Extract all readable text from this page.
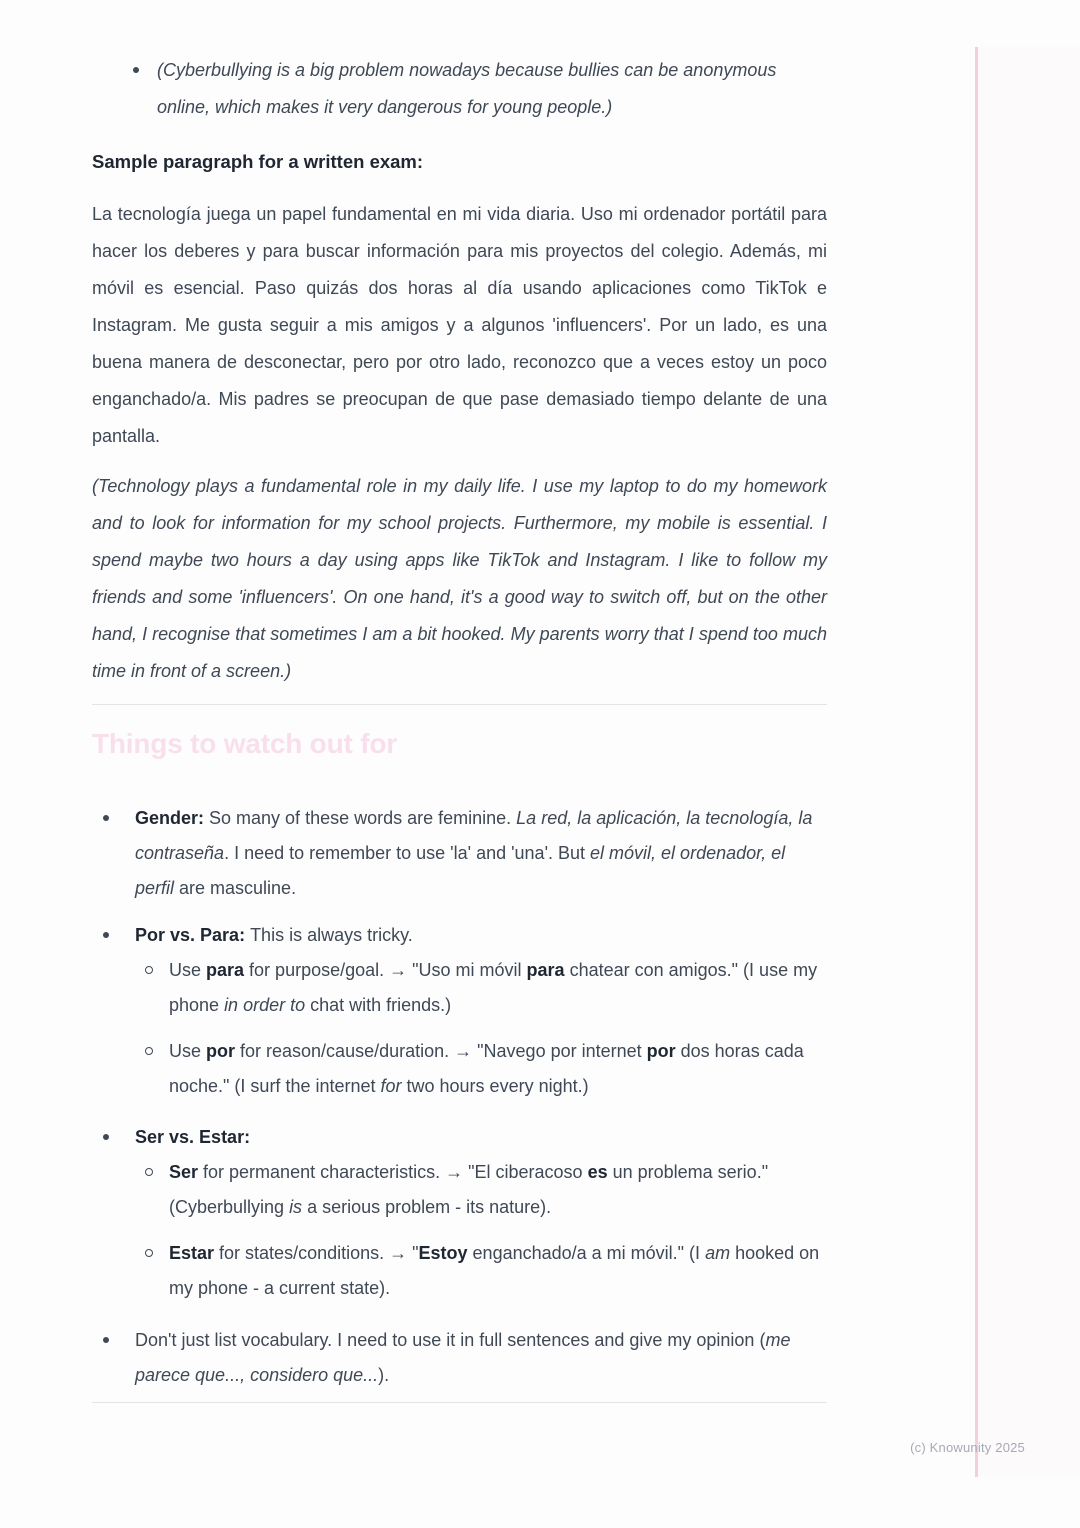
(Cyberbullying is a big problem nowadays because bullies can be anonymous online, which makes it very dangerous for young people.)
Sample paragraph for a written exam:

La tecnología juega un papel fundamental en mi vida diaria. Uso mi ordenador portátil para hacer los deberes y para buscar información para mis proyectos del colegio. Además, mi móvil es esencial. Paso quizás dos horas al día usando aplicaciones como TikTok e Instagram. Me gusta seguir a mis amigos y a algunos 'influencers'. Por un lado, es una buena manera de desconectar, pero por otro lado, reconozco que a veces estoy un poco enganchado/a. Mis padres se preocupan de que pase demasiado tiempo delante de una pantalla.

(Technology plays a fundamental role in my daily life. I use my laptop to do my homework and to look for information for my school projects. Furthermore, my mobile is essential. I spend maybe two hours a day using apps like TikTok and Instagram. I like to follow my friends and some 'influencers'. On one hand, it's a good way to switch off, but on the other hand, I recognise that sometimes I am a bit hooked. My parents worry that I spend too much time in front of a screen.)

Things to watch out for
Gender: So many of these words are feminine. La red, la aplicación, la tecnología, la contraseña. I need to remember to use 'la' and 'una'. But el móvil, el ordenador, el perfil are masculine.
Por vs. Para: This is always tricky.
Use para for purpose/goal. → "Uso mi móvil para chatear con amigos." (I use my phone in order to chat with friends.)
Use por for reason/cause/duration. → "Navego por internet por dos horas cada noche." (I surf the internet for two hours every night.)
Ser vs. Estar:
Ser for permanent characteristics. → "El ciberacoso es un problema serio." (Cyberbullying is a serious problem - its nature).
Estar for states/conditions. → "Estoy enganchado/a a mi móvil." (I am hooked on my phone - a current state).
Don't just list vocabulary. I need to use it in full sentences and give my opinion (me parece que..., considero que...).
(c) Knowunity 2025
